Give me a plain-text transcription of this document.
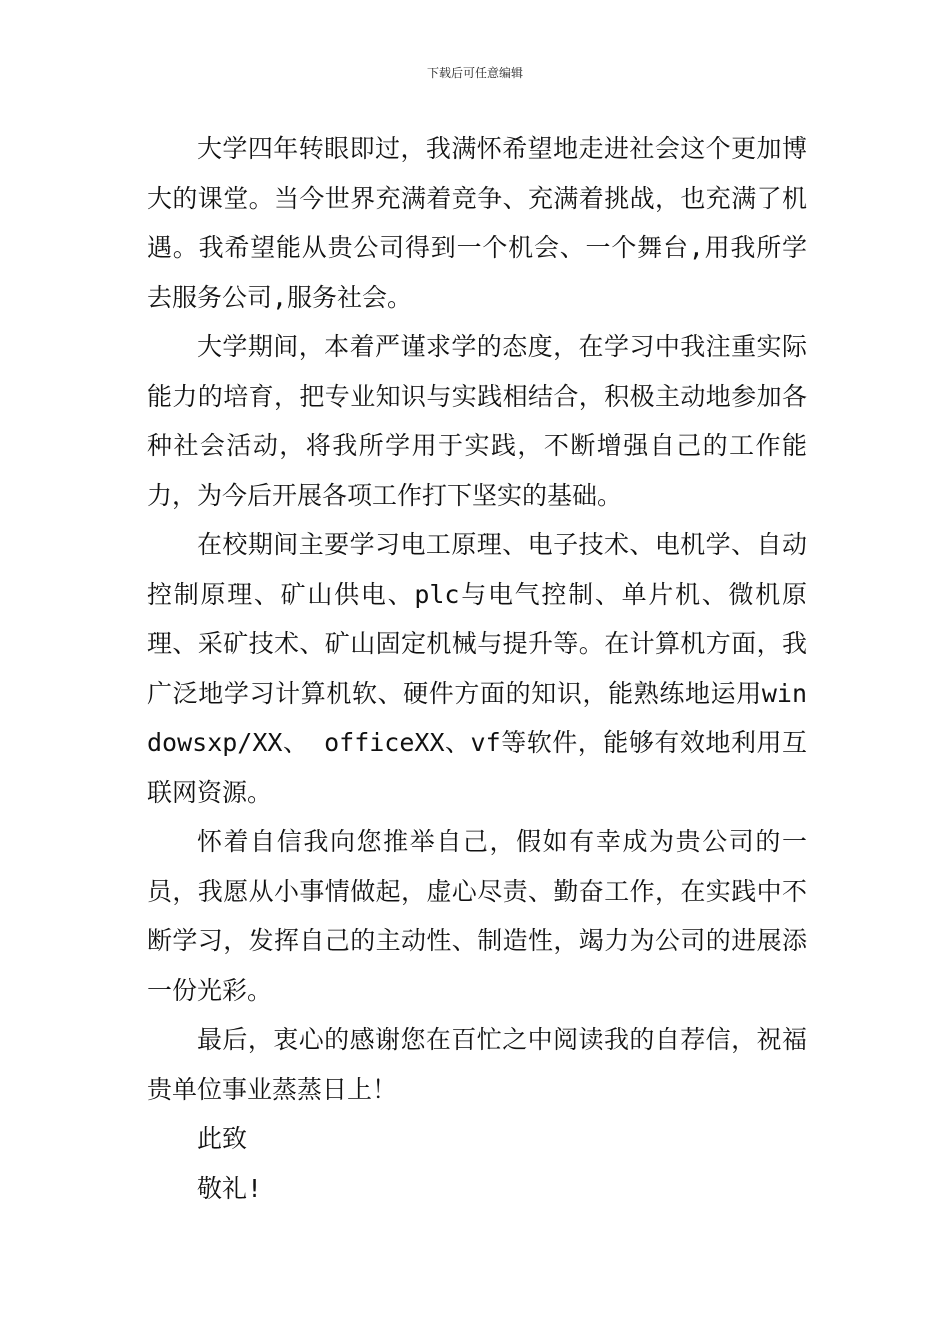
下载后可任意编辑

大学四年转眼即过，我满怀希望地走进社会这个更加博大的课堂。当今世界充满着竞争、充满着挑战，也充满了机遇。我希望能从贵公司得到一个机会、一个舞台,用我所学去服务公司,服务社会。

大学期间，本着严谨求学的态度，在学习中我注重实际能力的培育，把专业知识与实践相结合，积极主动地参加各种社会活动，将我所学用于实践，不断增强自己的工作能力，为今后开展各项工作打下坚实的基础。

在校期间主要学习电工原理、电子技术、电机学、自动控制原理、矿山供电、plc与电气控制、单片机、微机原理、采矿技术、矿山固定机械与提升等。在计算机方面，我广泛地学习计算机软、硬件方面的知识，能熟练地运用windowsxp/XX、 officeXX、vf等软件，能够有效地利用互联网资源。

怀着自信我向您推举自己，假如有幸成为贵公司的一员，我愿从小事情做起，虚心尽责、勤奋工作，在实践中不断学习，发挥自己的主动性、制造性，竭力为公司的进展添一份光彩。

最后，衷心的感谢您在百忙之中阅读我的自荐信，祝福贵单位事业蒸蒸日上！

此致

敬礼!
